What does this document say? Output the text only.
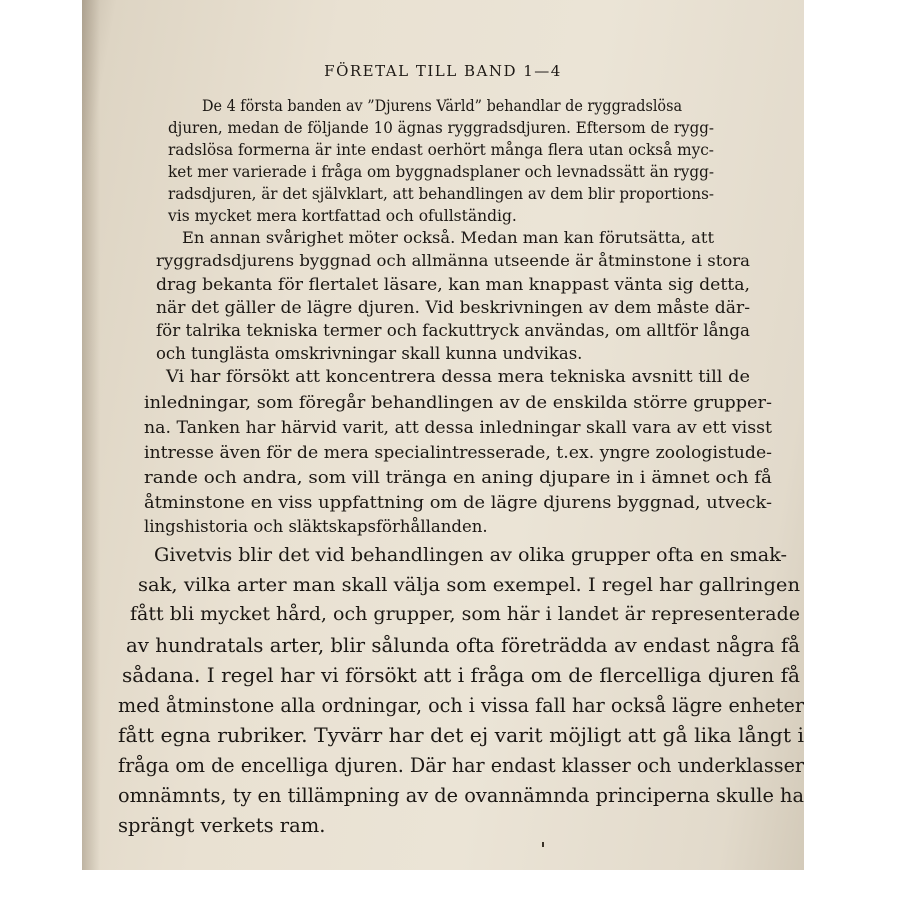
FÖRETAL TILL BAND 1—4
De 4 första banden av ”Djurens Värld” behandlar de ryggradslösa
djuren, medan de följande 10 ägnas ryggradsdjuren. Eftersom de rygg-
radslösa formerna är inte endast oerhört många flera utan också myc-
ket mer varierade i fråga om byggnadsplaner och levnadssätt än rygg-
radsdjuren, är det självklart, att behandlingen av dem blir proportions-
vis mycket mera kortfattad och ofullständig.
En annan svårighet möter också. Medan man kan förutsätta, att
ryggradsdjurens byggnad och allmänna utseende är åtminstone i stora
drag bekanta för flertalet läsare, kan man knappast vänta sig detta,
när det gäller de lägre djuren. Vid beskrivningen av dem måste där-
för talrika tekniska termer och fackuttryck användas, om alltför långa
och tunglästa omskrivningar skall kunna undvikas.
Vi har försökt att koncentrera dessa mera tekniska avsnitt till de
inledningar, som föregår behandlingen av de enskilda större grupper-
na. Tanken har härvid varit, att dessa inledningar skall vara av ett visst
intresse även för de mera specialintresserade, t.ex. yngre zoologistude-
rande och andra, som vill tränga en aning djupare in i ämnet och få
åtminstone en viss uppfattning om de lägre djurens byggnad, utveck-
lingshistoria och släktskapsförhållanden.
Givetvis blir det vid behandlingen av olika grupper ofta en smak-
sak, vilka arter man skall välja som exempel. I regel har gallringen
fått bli mycket hård, och grupper, som här i landet är representerade
av hundratals arter, blir sålunda ofta företrädda av endast några få
sådana. I regel har vi försökt att i fråga om de flercelliga djuren få
med åtminstone alla ordningar, och i vissa fall har också lägre enheter
fått egna rubriker. Tyvärr har det ej varit möjligt att gå lika långt i
fråga om de encelliga djuren. Där har endast klasser och underklasser
omnämnts, ty en tillämpning av de ovannämnda principerna skulle ha
sprängt verkets ram.
